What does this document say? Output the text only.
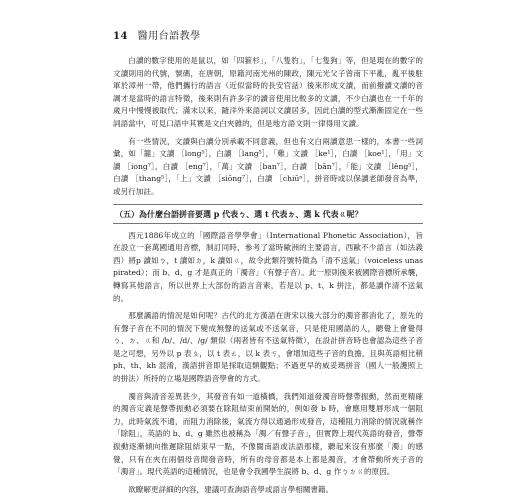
14 醫用台語教學

白讀的數字使用的是鼠以，如「四箍杉」，「八隻豹」，「七隻狗」等，但是現在的數字的文讀則用的代號，號碼，在唐朝，原籍河南光州的陳政，陳元光父子曾南下平亂，亂平後駐軍於漳州一帶，他們攜行的語言（近似當時的長安官話）後來形成文讀，而前撥讀文讀的音調才是當時的語言特徵，後來則有許多字的讀音使用比較多的文讀，不少白讀也在一千年的歲月中慢慢被取代；滿末以來，隨洋外來語詞以文讀居多，因此白讀的型式漸漸固定在一些詞語當中，可見口語中其實是文白夾雜的，但是地方語文則一律得用文讀。

有一些情況，文讀與白讀分別承載不同意義，但也有文白兩讀意思一樣的，本書一些詞彙，如「籠」文讀 ［long⁵］，白讀 ［lang⁵］，「雞」文讀 ［ke¹］，白讀 ［koe¹］，「用」文讀 ［iong⁷］，白讀 ［eng⁷］，「萬」文讀 ［ban⁷］，白讀 ［bān⁷］，「能」文讀 ［lêng⁵］，白讀 ［thang⁵］，「上」文讀 ［siōng⁷］，白讀 ［chiūⁿ］，拼音時或以保讀老師發音為準，或另行加註。

（五）為什麼台語拼音要選 p 代表ㄅ、選 t 代表ㄉ、選 k 代表ㄍ呢？

西元1886年成立的「國際語音學學會」（International Phonetic Association），旨在設立一套萬國通用音標，制訂同時，參考了當時歐洲的主要語言，西歐不少語言（如法義西）將p 讀如ㄅ，t 讀如ㄉ，k 讀如ㄍ，故令此類符號特徵為「清不送氣」（voiceless unaspirated）；而 b、d、g 才是真正的「濁音」（有聲子音）。此一原則後來被國際音標所承襲，轉寫其他語言，所以世界上大部份的語言音素，若是以 p、t、k 拼注，都是讀作清不送氣的。

那麼諷語的情況是如何呢？古代的北方漢語在唐宋以後大部分的濁音都消化了，原先的有聲子音在不同的情況下變成無聲的送氣或不送氣音，只是使用國語的人，聽覺上會覺得ㄅ、ㄉ、ㄍ和 /b/、/d/、/g/ 類似（兩者皆有不送氣特徵），在設計拼音時也會認為這些子音是之可想，另外以 p 表ㄆ，以 t 表ㄊ，以 k 表ㄎ，會增加這些子音的負擔，且與英語相比稍 ph、th、kh 混淆，漢語拼音即是採取這類觀點；不過更早的威妥瑪拼音（國人一般護照上的拼法）所持的立場是國際語音學會的方式。

濁音與清音差異甚少，其發音有如一道橫橋，我們知道發濁音時聲帶振動，然而更精確的濁音定義是聲帶振動必須要在除阻結束前開始的，例如發 b 時，會應用雙唇形成一個阻力，此時氣流不通，而阻力消除後，氣流方得以通過形成發音，這種阻力消除的情況就稱作「除阻」，英語的 b、d、g 雖然也被稱為「濁／有聲子音」，但實際上現代英語的發音，聲帶振動逐漸傾向推遲除阻結束早一點，不像閩南語或法語那樣，聽起來沒有那麼「濁」的感覺，只有在夾在兩個母音間發音時，所有的母音都是本上都是濁音，才會帶動所夾子音的「濁音」。現代英語的這種情況，也是會令我國學生誤將 b、d、g 作ㄅㄉㄍ的原因。

欲瞭解更詳細的內容，建議可查詢語音學或語言學相關書籍。
